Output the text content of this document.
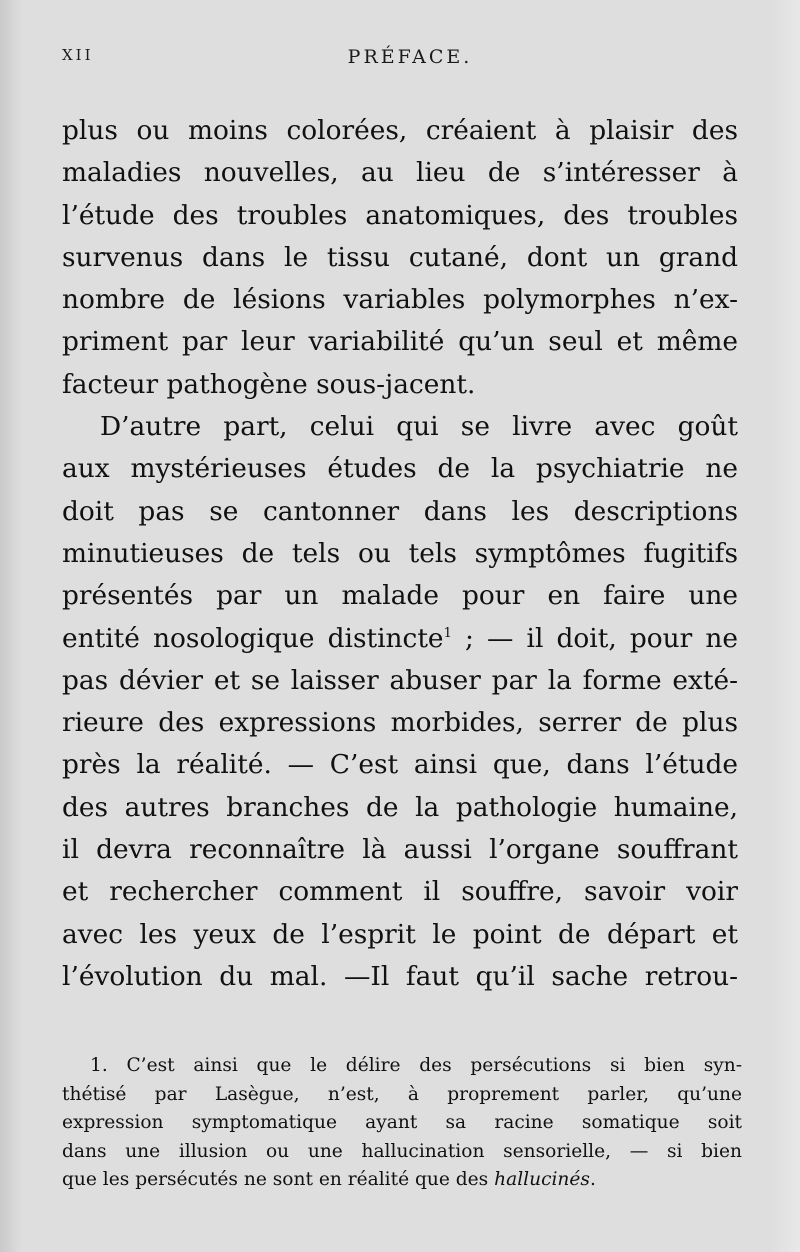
XII	PRÉFACE.
plus ou moins colorées, créaient à plaisir des
maladies nouvelles, au lieu de s’intéresser à
l’étude des troubles anatomiques, des troubles
survenus dans le tissu cutané, dont un grand
nombre de lésions variables polymorphes n’ex-
priment par leur variabilité qu’un seul et même
facteur pathogène sous-jacent.
D’autre part, celui qui se livre avec goût
aux mystérieuses études de la psychiatrie ne
doit pas se cantonner dans les descriptions
minutieuses de tels ou tels symptômes fugitifs
présentés par un malade pour en faire une
entité nosologique distincte$^1$ ; — il doit, pour ne
pas dévier et se laisser abuser par la forme exté-
rieure des expressions morbides, serrer de plus
près la réalité. — C’est ainsi que, dans l’étude
des autres branches de la pathologie humaine,
il devra reconnaître là aussi l’organe souffrant
et rechercher comment il souffre, savoir voir
avec les yeux de l’esprit le point de départ et
l’évolution du mal. —Il faut qu’il sache retrou-
1. C’est ainsi que le délire des persécutions si bien syn-
thétisé par Lasègue, n’est, à proprement parler, qu’une
expression symptomatique ayant sa racine somatique soit
dans une illusion ou une hallucination sensorielle, — si bien
que les persécutés ne sont en réalité que des hallucinés.
